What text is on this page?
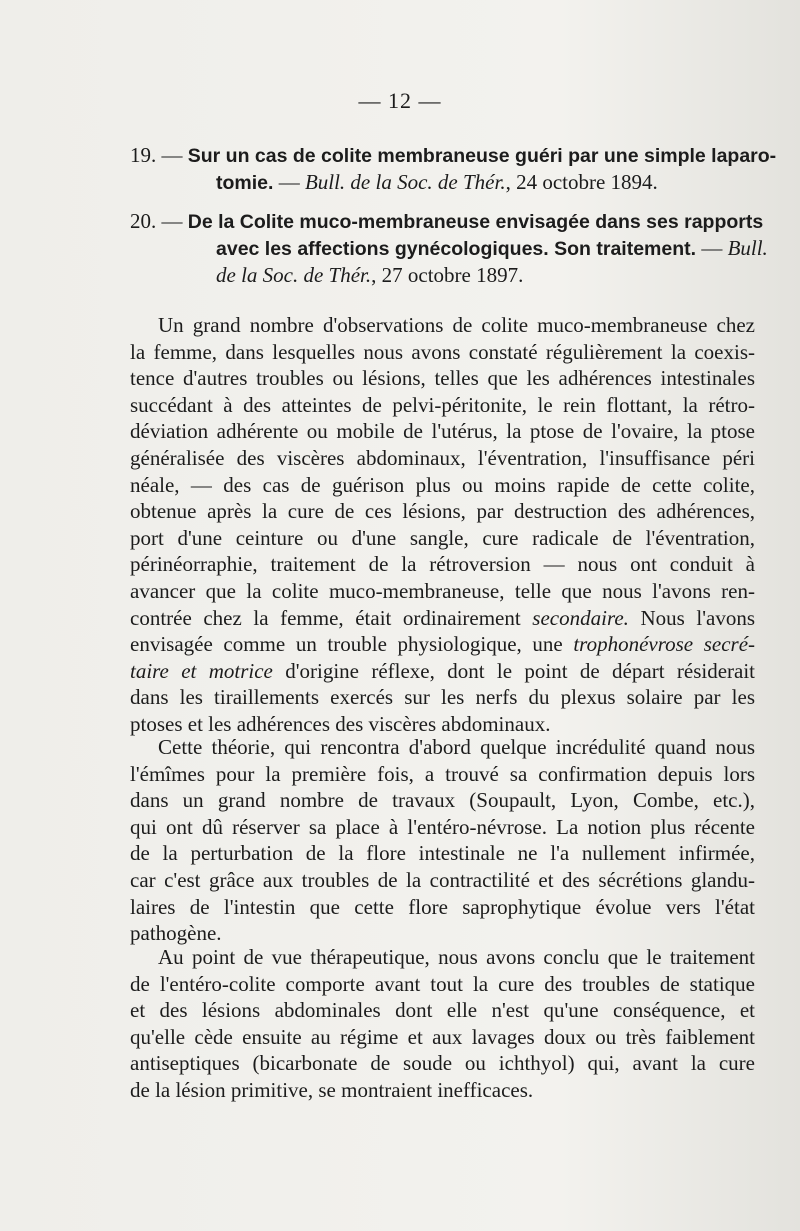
— 12 —
19. — Sur un cas de colite membraneuse guéri par une simple laparo-
tomie. — Bull. de la Soc. de Thér., 24 octobre 1894.
20. — De la Colite muco-membraneuse envisagée dans ses rapports
avec les affections gynécologiques. Son traitement. — Bull.
de la Soc. de Thér., 27 octobre 1897.
Un grand nombre d'observations de colite muco-membraneuse chez
la femme, dans lesquelles nous avons constaté régulièrement la coexis-
tence d'autres troubles ou lésions, telles que les adhérences intestinales
succédant à des atteintes de pelvi-péritonite, le rein flottant, la rétro-
déviation adhérente ou mobile de l'utérus, la ptose de l'ovaire, la ptose
généralisée des viscères abdominaux, l'éventration, l'insuffisance péri
néale, — des cas de guérison plus ou moins rapide de cette colite,
obtenue après la cure de ces lésions, par destruction des adhérences,
port d'une ceinture ou d'une sangle, cure radicale de l'éventration,
périnéorraphie, traitement de la rétroversion — nous ont conduit à
avancer que la colite muco-membraneuse, telle que nous l'avons ren-
contrée chez la femme, était ordinairement secondaire. Nous l'avons
envisagée comme un trouble physiologique, une trophonévrose secré-
taire et motrice d'origine réflexe, dont le point de départ résiderait
dans les tiraillements exercés sur les nerfs du plexus solaire par les
ptoses et les adhérences des viscères abdominaux.
Cette théorie, qui rencontra d'abord quelque incrédulité quand nous
l'émîmes pour la première fois, a trouvé sa confirmation depuis lors
dans un grand nombre de travaux (Soupault, Lyon, Combe, etc.),
qui ont dû réserver sa place à l'entéro-névrose. La notion plus récente
de la perturbation de la flore intestinale ne l'a nullement infirmée,
car c'est grâce aux troubles de la contractilité et des sécrétions glandu-
laires de l'intestin que cette flore saprophytique évolue vers l'état
pathogène.
Au point de vue thérapeutique, nous avons conclu que le traitement
de l'entéro-colite comporte avant tout la cure des troubles de statique
et des lésions abdominales dont elle n'est qu'une conséquence, et
qu'elle cède ensuite au régime et aux lavages doux ou très faiblement
antiseptiques (bicarbonate de soude ou ichthyol) qui, avant la cure
de la lésion primitive, se montraient inefficaces.
